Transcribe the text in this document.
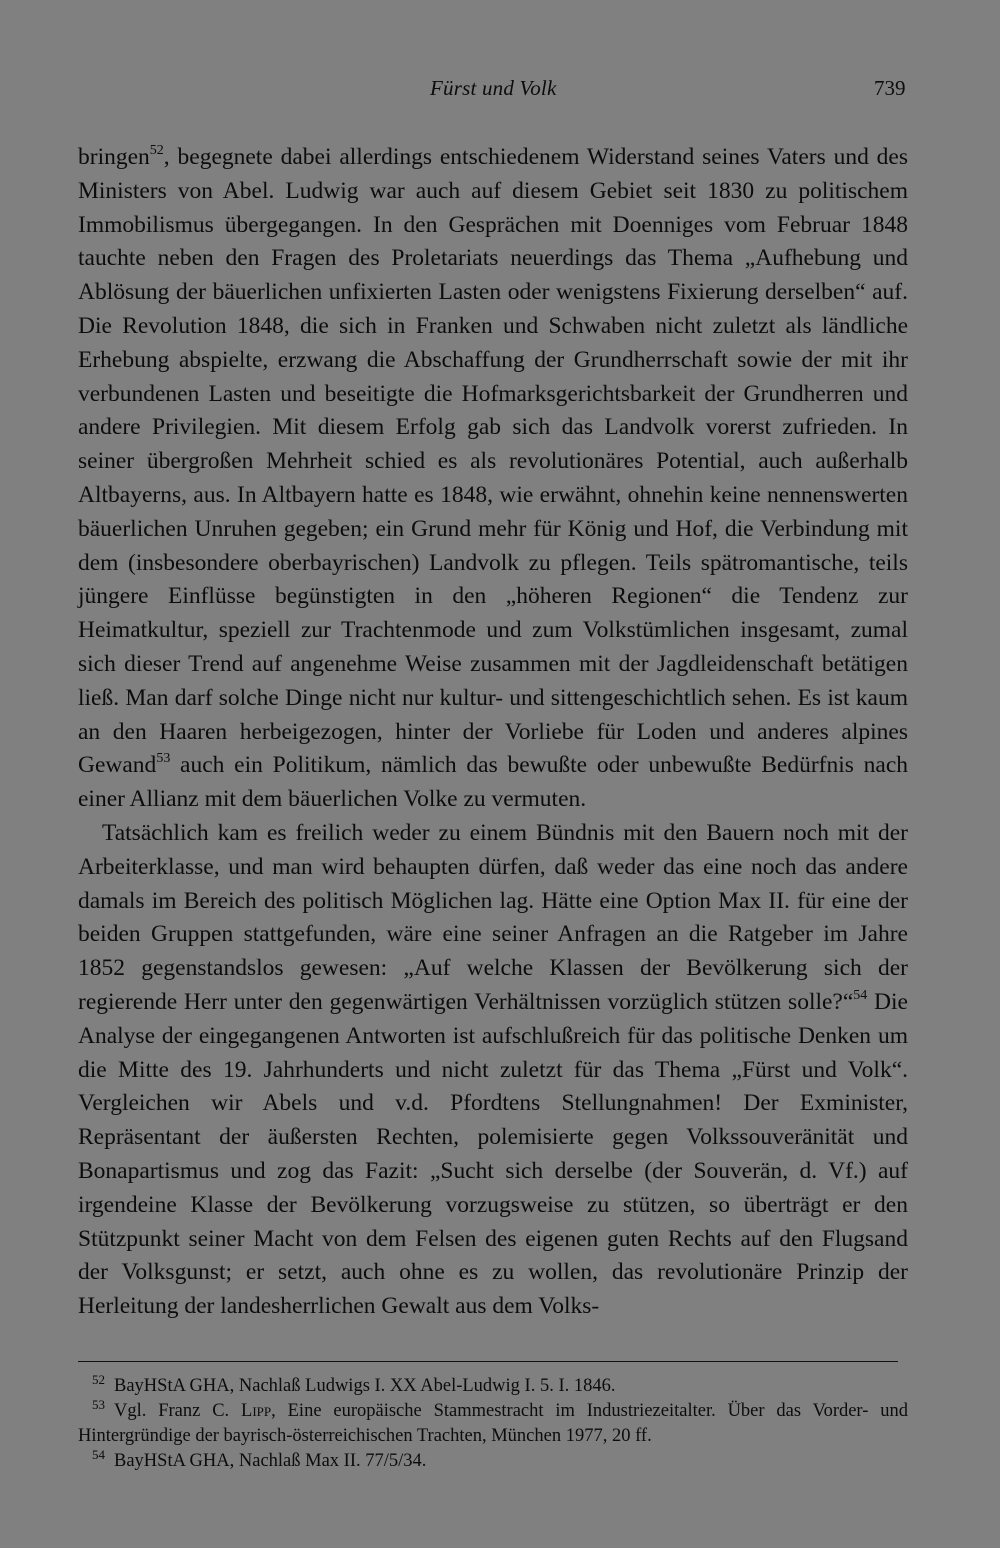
Fürst und Volk	739

bringen$^{52}$, begegnete dabei allerdings entschiedenem Widerstand seines Vaters und des Ministers von Abel. Ludwig war auch auf diesem Gebiet seit 1830 zu politischem Immobilismus übergegangen. In den Gesprächen mit Doenniges vom Februar 1848 tauchte neben den Fragen des Proletariats neuerdings das Thema „Aufhebung und Ablösung der bäuerlichen unfixierten Lasten oder wenigstens Fixierung derselben“ auf. Die Revolution 1848, die sich in Franken und Schwaben nicht zuletzt als ländliche Erhebung abspielte, erzwang die Abschaffung der Grundherrschaft sowie der mit ihr verbundenen Lasten und beseitigte die Hofmarksgerichtsbarkeit der Grundherren und andere Privilegien. Mit diesem Erfolg gab sich das Landvolk vorerst zufrieden. In seiner übergroßen Mehrheit schied es als revolutionäres Potential, auch außerhalb Altbayerns, aus. In Altbayern hatte es 1848, wie erwähnt, ohnehin keine nennenswerten bäuerlichen Unruhen gegeben; ein Grund mehr für König und Hof, die Verbindung mit dem (insbesondere oberbayrischen) Landvolk zu pflegen. Teils spätromantische, teils jüngere Einflüsse begünstigten in den „höheren Regionen“ die Tendenz zur Heimatkultur, speziell zur Trachtenmode und zum Volkstümlichen insgesamt, zumal sich dieser Trend auf angenehme Weise zusammen mit der Jagdleidenschaft betätigen ließ. Man darf solche Dinge nicht nur kultur- und sittengeschichtlich sehen. Es ist kaum an den Haaren herbeigezogen, hinter der Vorliebe für Loden und anderes alpines Gewand$^{53}$ auch ein Politikum, nämlich das bewußte oder unbewußte Bedürfnis nach einer Allianz mit dem bäuerlichen Volke zu vermuten.

Tatsächlich kam es freilich weder zu einem Bündnis mit den Bauern noch mit der Arbeiterklasse, und man wird behaupten dürfen, daß weder das eine noch das andere damals im Bereich des politisch Möglichen lag. Hätte eine Option Max II. für eine der beiden Gruppen stattgefunden, wäre eine seiner Anfragen an die Ratgeber im Jahre 1852 gegenstandslos gewesen: „Auf welche Klassen der Bevölkerung sich der regierende Herr unter den gegenwärtigen Verhältnissen vorzüglich stützen solle?“$^{54}$ Die Analyse der eingegangenen Antworten ist aufschlußreich für das politische Denken um die Mitte des 19. Jahrhunderts und nicht zuletzt für das Thema „Fürst und Volk“. Vergleichen wir Abels und v.d. Pfordtens Stellungnahmen! Der Exminister, Repräsentant der äußersten Rechten, polemisierte gegen Volkssouveränität und Bonapartismus und zog das Fazit: „Sucht sich derselbe (der Souverän, d. Vf.) auf irgendeine Klasse der Bevölkerung vorzugsweise zu stützen, so überträgt er den Stützpunkt seiner Macht von dem Felsen des eigenen guten Rechts auf den Flugsand der Volksgunst; er setzt, auch ohne es zu wollen, das revolutionäre Prinzip der Herleitung der landesherrlichen Gewalt aus dem Volks-

52 BayHStA GHA, Nachlaß Ludwigs I. XX Abel-Ludwig I. 5. I. 1846.
53 Vgl. Franz C. Lipp, Eine europäische Stammestracht im Industriezeitalter. Über das Vorder- und Hintergründige der bayrisch-österreichischen Trachten, München 1977, 20 ff.
54 BayHStA GHA, Nachlaß Max II. 77/5/34.
